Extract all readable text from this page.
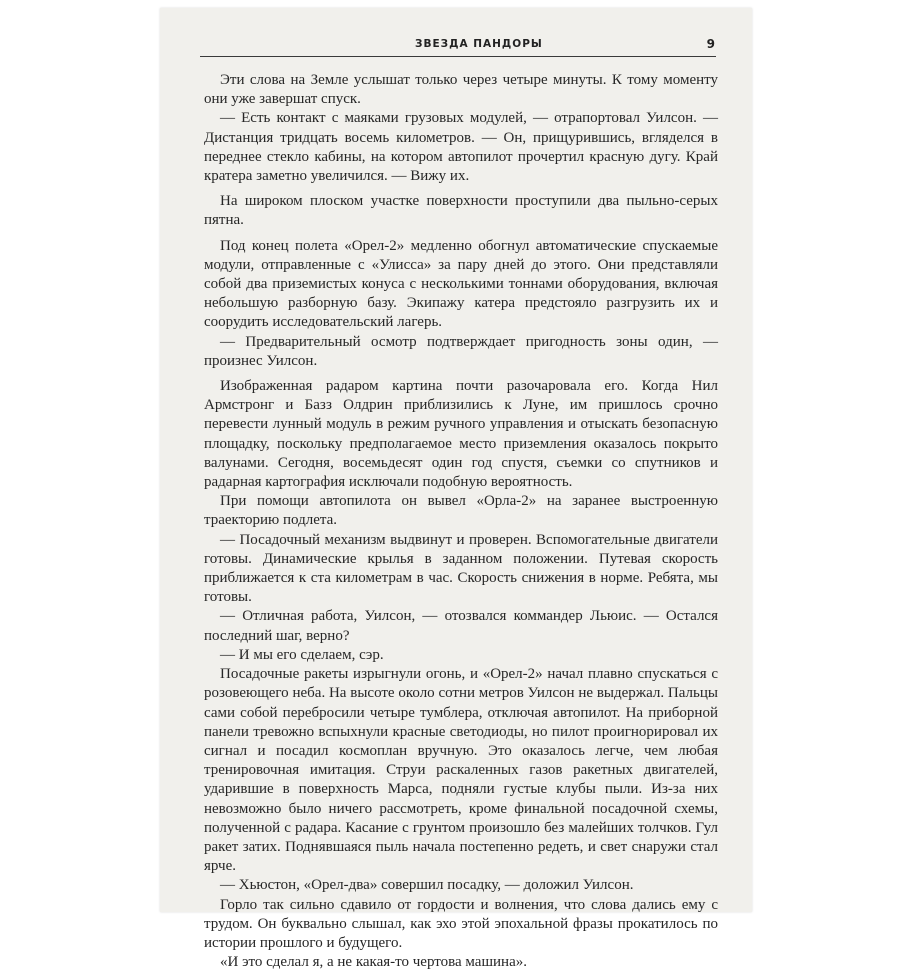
ЗВЕЗДА ПАНДОРЫ	9

Эти слова на Земле услышат только через четыре минуты. К тому моменту они уже завершат спуск.

— Есть контакт с маяками грузовых модулей, — отрапортовал Уилсон. — Дистанция тридцать восемь километров. — Он, прищурившись, вгляделся в переднее стекло кабины, на котором автопилот прочертил красную дугу. Край кратера заметно увеличился. — Вижу их.

На широком плоском участке поверхности проступили два пыльно-серых пятна.

Под конец полета «Орел-2» медленно обогнул автоматические спускаемые модули, отправленные с «Улисса» за пару дней до этого. Они представляли собой два приземистых конуса с несколькими тоннами оборудования, включая небольшую разборную базу. Экипажу катера предстояло разгрузить их и соорудить исследовательский лагерь.

— Предварительный осмотр подтверждает пригодность зоны один, — произнес Уилсон.

Изображенная радаром картина почти разочаровала его. Когда Нил Армстронг и Базз Олдрин приблизились к Луне, им пришлось срочно перевести лунный модуль в режим ручного управления и отыскать безопасную площадку, поскольку предполагаемое место приземления оказалось покрыто валунами. Сегодня, восемьдесят один год спустя, съемки со спутников и радарная картография исключали подобную вероятность.

При помощи автопилота он вывел «Орла-2» на заранее выстроенную траекторию подлета.

— Посадочный механизм выдвинут и проверен. Вспомогательные двигатели готовы. Динамические крылья в заданном положении. Путевая скорость приближается к ста километрам в час. Скорость снижения в норме. Ребята, мы готовы.

— Отличная работа, Уилсон, — отозвался коммандер Льюис. — Остался последний шаг, верно?

— И мы его сделаем, сэр.

Посадочные ракеты изрыгнули огонь, и «Орел-2» начал плавно спускаться с розовеющего неба. На высоте около сотни метров Уилсон не выдержал. Пальцы сами собой перебросили четыре тумблера, отключая автопилот. На приборной панели тревожно вспыхнули красные светодиоды, но пилот проигнорировал их сигнал и посадил космоплан вручную. Это оказалось легче, чем любая тренировочная имитация. Струи раскаленных газов ракетных двигателей, ударившие в поверхность Марса, подняли густые клубы пыли. Из-за них невозможно было ничего рассмотреть, кроме финальной посадочной схемы, полученной с радара. Касание с грунтом произошло без малейших толчков. Гул ракет затих. Поднявшаяся пыль начала постепенно редеть, и свет снаружи стал ярче.

— Хьюстон, «Орел-два» совершил посадку, — доложил Уилсон.

Горло так сильно сдавило от гордости и волнения, что слова дались ему с трудом. Он буквально слышал, как эхо этой эпохальной фразы прокатилось по истории прошлого и будущего.

«И это сделал я, а не какая-то чертова машина».
